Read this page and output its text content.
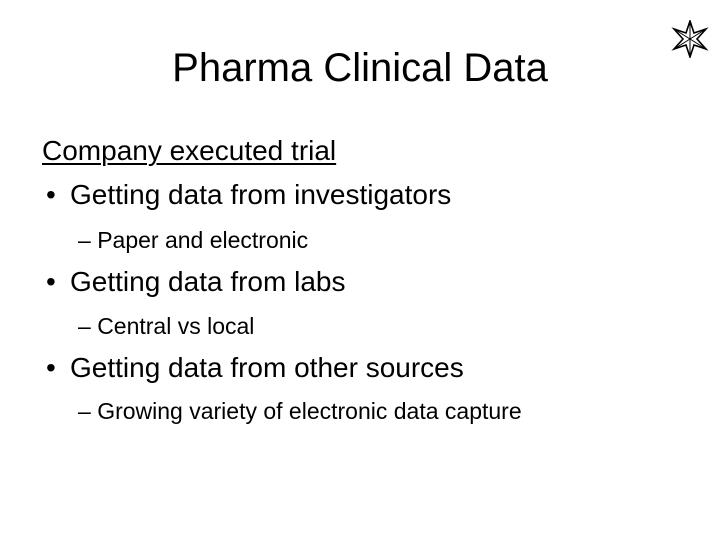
Pharma Clinical Data
Company executed trial
• Getting data from investigators
– Paper and electronic
• Getting data from labs
– Central vs local
• Getting data from other sources
– Growing variety of electronic data capture
